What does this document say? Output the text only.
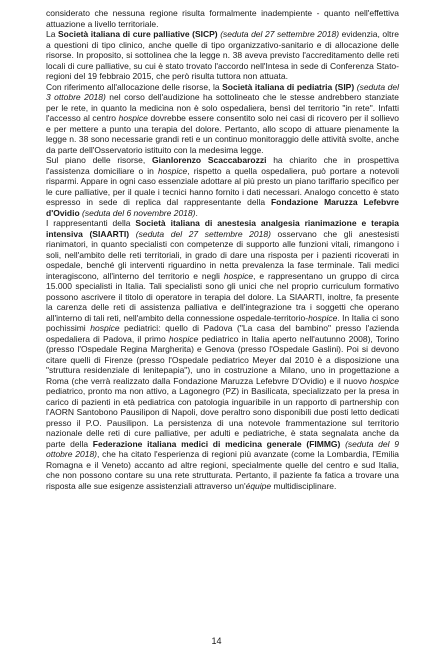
considerato che nessuna regione risulta formalmente inadempiente - quanto nell'effettiva attuazione a livello territoriale.

La Società italiana di cure palliative (SICP) (seduta del 27 settembre 2018) evidenzia, oltre a questioni di tipo clinico, anche quelle di tipo organizzativo-sanitario e di allocazione delle risorse. In proposito, si sottolinea che la legge n. 38 aveva previsto l'accreditamento delle reti locali di cure palliative, su cui è stato trovato l'accordo nell'Intesa in sede di Conferenza Stato-regioni del 19 febbraio 2015, che però risulta tuttora non attuata.

Con riferimento all'allocazione delle risorse, la Società italiana di pediatria (SIP) (seduta del 3 ottobre 2018) nel corso dell'audizione ha sottolineato che le stesse andrebbero stanziate per le rete, in quanto la medicina non è solo ospedaliera, bensì del territorio "in rete". Infatti l'accesso al centro hospice dovrebbe essere consentito solo nei casi di ricovero per il sollievo e per mettere a punto una terapia del dolore. Pertanto, allo scopo di attuare pienamente la legge n. 38 sono necessarie grandi reti e un continuo monitoraggio delle attività svolte, anche da parte dell'Osservatorio istituito con la medesima legge.

Sul piano delle risorse, Gianlorenzo Scaccabarozzi ha chiarito che in prospettiva l'assistenza domiciliare o in hospice, rispetto a quella ospedaliera, può portare a notevoli risparmi. Appare in ogni caso essenziale adottare al più presto un piano tariffario specifico per le cure palliative, per il quale i tecnici hanno fornito i dati necessari. Analogo concetto è stato espresso in sede di replica dal rappresentante della Fondazione Maruzza Lefebvre d'Ovidio (seduta del 6 novembre 2018).

I rappresentanti della Società italiana di anestesia analgesia rianimazione e terapia intensiva (SIAARTI) (seduta del 27 settembre 2018) osservano che gli anestesisti rianimatori, in quanto specialisti con competenze di supporto alle funzioni vitali, rimangono i soli, nell'ambito delle reti territoriali, in grado di dare una risposta per i pazienti ricoverati in ospedale, benché gli interventi riguardino in netta prevalenza la fase terminale. Tali medici interagiscono, all'interno del territorio e negli hospice, e rappresentano un gruppo di circa 15.000 specialisti in Italia. Tali specialisti sono gli unici che nel proprio curriculum formativo possono ascrivere il titolo di operatore in terapia del dolore. La SIAARTI, inoltre, fa presente la carenza delle reti di assistenza palliativa e dell'integrazione tra i soggetti che operano all'interno di tali reti, nell'ambito della connessione ospedale-territorio-hospice. In Italia ci sono pochissimi hospice pediatrici: quello di Padova ("La casa del bambino" presso l'azienda ospedaliera di Padova, il primo hospice pediatrico in Italia aperto nell'autunno 2008), Torino (presso l'Ospedale Regina Margherita) e Genova (presso l'Ospedale Gaslini). Poi si devono citare quelli di Firenze (presso l'Ospedale pediatrico Meyer dal 2010 è a disposizione una "struttura residenziale di lenitерapia"), uno in costruzione a Milano, uno in progettazione a Roma (che verrà realizzato dalla Fondazione Maruzza Lefebvre D'Ovidio) e il nuovo hospice pediatrico, pronto ma non attivo, a Lagonegro (PZ) in Basilicata, specializzato per la presa in carico di pazienti in età pediatrica con patologia inguaribile in un rapporto di partnership con l'AORN Santobono Pausilipon di Napoli, dove peraltro sono disponibili due posti letto dedicati presso il P.O. Pausilipon. La persistenza di una notevole frammentazione sul territorio nazionale delle reti di cure palliative, per adulti e pediatriche, è stata segnalata anche da parte della Federazione italiana medici di medicina generale (FIMMG) (seduta del 9 ottobre 2018), che ha citato l'esperienza di regioni più avanzate (come la Lombardia, l'Emilia Romagna e il Veneto) accanto ad altre regioni, specialmente quelle del centro e sud Italia, che non possono contare su una rete strutturata. Pertanto, il paziente fa fatica a trovare una risposta alle sue esigenze assistenziali attraverso un'équipe multidisciplinare.

14
